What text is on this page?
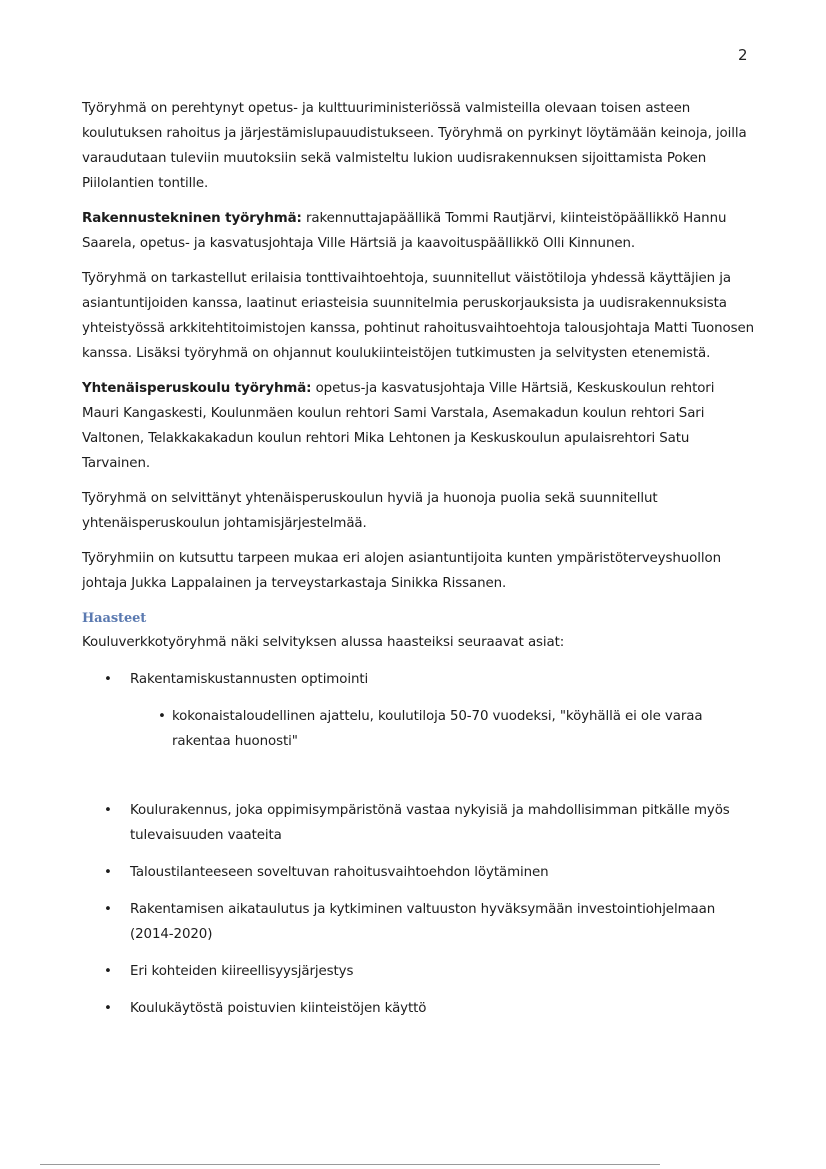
2

Työryhmä on perehtynyt opetus- ja kulttuuriministeriössä valmisteilla olevaan toisen asteen koulutuksen rahoitus ja järjestämislupauudistukseen. Työryhmä on pyrkinyt löytämään keinoja, joilla varaudutaan tuleviin muutoksiin sekä valmisteltu lukion uudisrakennuksen sijoittamista Poken Piilolantien tontille.

Rakennustekninen työryhmä: rakennuttajapäällikä Tommi Rautjärvi, kiinteistöpäällikkö Hannu Saarela, opetus- ja kasvatusjohtaja Ville Härtsiä ja kaavoituspäällikkö Olli Kinnunen.

Työryhmä on tarkastellut erilaisia tonttivaihtoehtoja, suunnitellut väistötiloja yhdessä käyttäjien ja asiantuntijoiden kanssa, laatinut eriasteisia suunnitelmia peruskorjauksista ja uudisrakennuksista yhteistyössä arkkitehtitoimistojen kanssa, pohtinut rahoitusvaihtoehtoja talousjohtaja Matti Tuonosen kanssa. Lisäksi työryhmä on ohjannut koulukiinteistöjen tutkimusten ja selvitysten etenemistä.

Yhtenäisperuskoulu työryhmä: opetus-ja kasvatusjohtaja Ville Härtsiä, Keskuskoulun rehtori Mauri Kangaskesti, Koulunmäen koulun rehtori Sami Varstala, Asemakadun koulun rehtori Sari Valtonen, Telakkakakadun koulun rehtori Mika Lehtonen ja Keskuskoulun apulaisrehtori Satu Tarvainen.

Työryhmä on selvittänyt yhtenäisperuskoulun hyviä ja huonoja puolia sekä suunnitellut yhtenäisperuskoulun johtamisjärjestelmää.

Työryhmiin on kutsuttu tarpeen mukaa eri alojen asiantuntijoita kunten ympäristöterveyshuollon johtaja Jukka Lappalainen ja terveystarkastaja Sinikka Rissanen.

Haasteet

Kouluverkkotyöryhmä näki selvityksen alussa haasteiksi seuraavat asiat:

• Rakentamiskustannusten optimointi
• kokonaistaloudellinen ajattelu, koulutiloja 50-70 vuodeksi, "köyhällä ei ole varaa rakentaa huonosti"
• Koulurakennus, joka oppimisympäristönä vastaa nykyisiä ja mahdollisimman pitkälle myös tulevaisuuden vaateita
• Taloustilanteeseen soveltuvan rahoitusvaihtoehdon löytäminen
• Rakentamisen aikataulutus ja kytkiminen valtuuston hyväksymään investointiohjelmaan (2014-2020)
• Eri kohteiden kiireellisyysjärjestys
• Koulukäytöstä poistuvien kiinteistöjen käyttö
